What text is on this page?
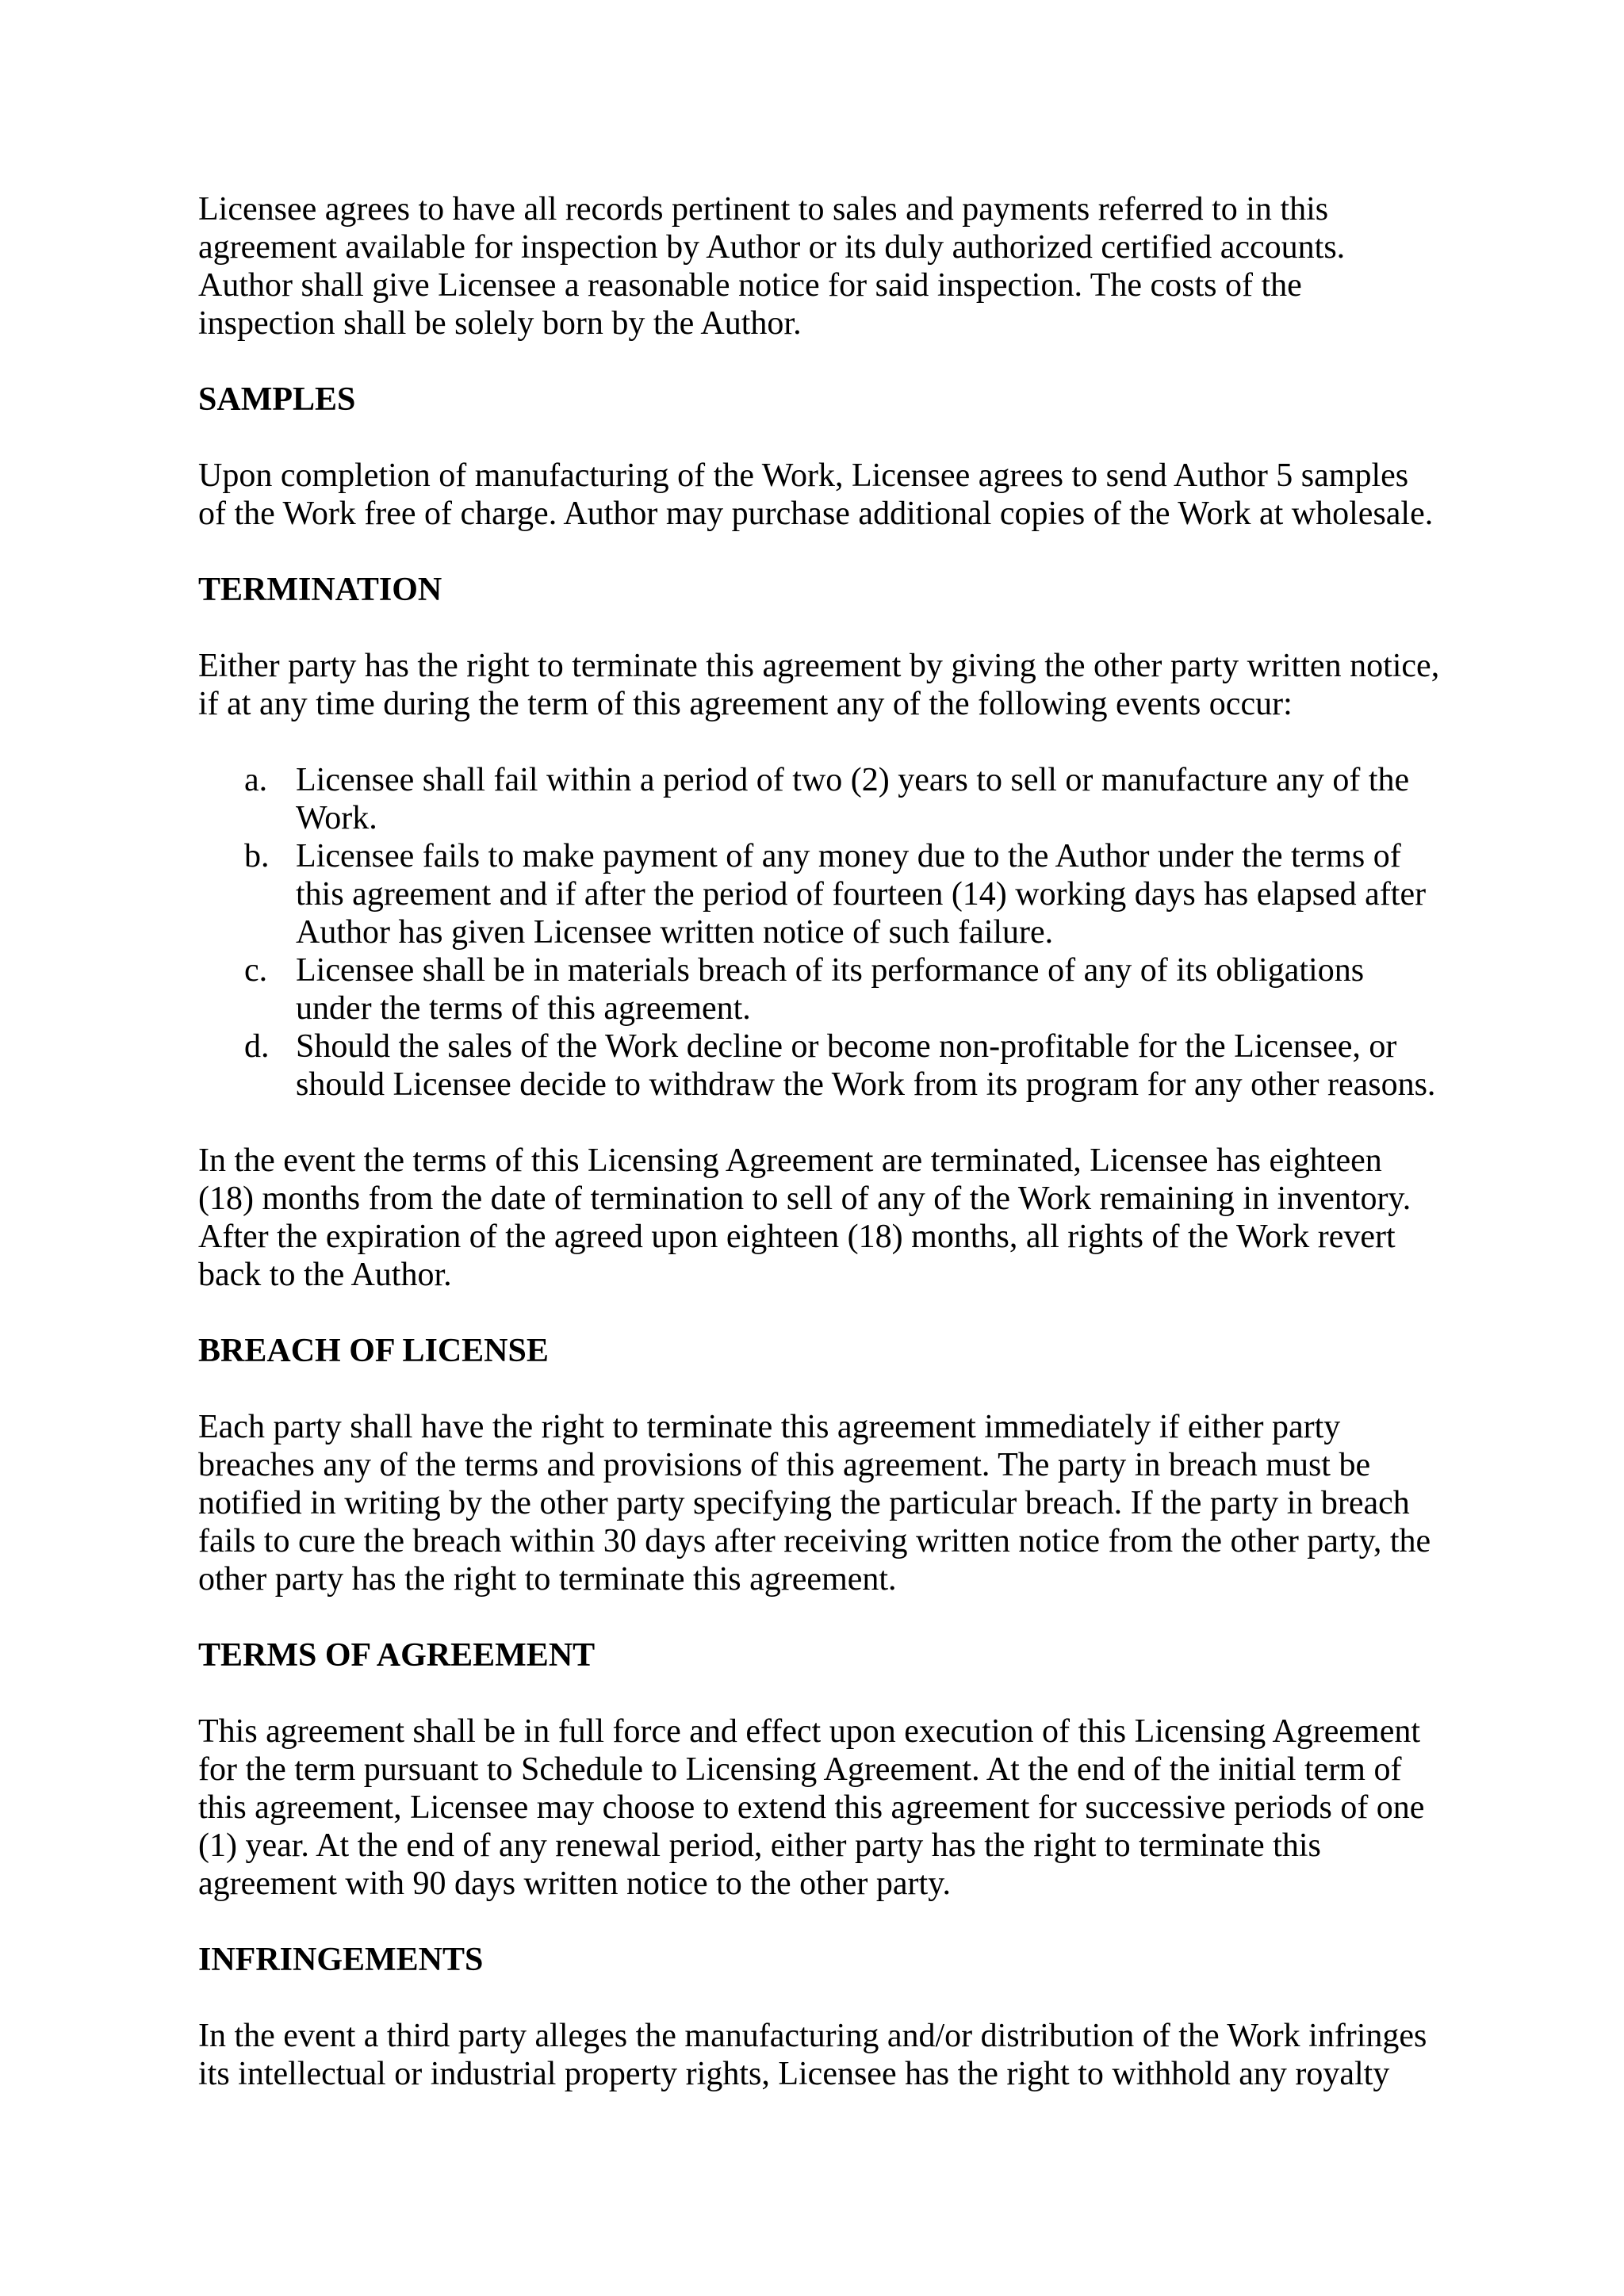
Licensee agrees to have all records pertinent to sales and payments referred to in this agreement available for inspection by Author or its duly authorized certified accounts. Author shall give Licensee a reasonable notice for said inspection. The costs of the inspection shall be solely born by the Author.

SAMPLES

Upon completion of manufacturing of the Work, Licensee agrees to send Author 5 samples of the Work free of charge. Author may purchase additional copies of the Work at wholesale.

TERMINATION

Either party has the right to terminate this agreement by giving the other party written notice, if at any time during the term of this agreement any of the following events occur:

a. Licensee shall fail within a period of two (2) years to sell or manufacture any of the Work.
b. Licensee fails to make payment of any money due to the Author under the terms of this agreement and if after the period of fourteen (14) working days has elapsed after Author has given Licensee written notice of such failure.
c. Licensee shall be in materials breach of its performance of any of its obligations under the terms of this agreement.
d. Should the sales of the Work decline or become non-profitable for the Licensee, or should Licensee decide to withdraw the Work from its program for any other reasons.

In the event the terms of this Licensing Agreement are terminated, Licensee has eighteen (18) months from the date of termination to sell of any of the Work remaining in inventory. After the expiration of the agreed upon eighteen (18) months, all rights of the Work revert back to the Author.

BREACH OF LICENSE

Each party shall have the right to terminate this agreement immediately if either party breaches any of the terms and provisions of this agreement. The party in breach must be notified in writing by the other party specifying the particular breach. If the party in breach fails to cure the breach within 30 days after receiving written notice from the other party, the other party has the right to terminate this agreement.

TERMS OF AGREEMENT

This agreement shall be in full force and effect upon execution of this Licensing Agreement for the term pursuant to Schedule to Licensing Agreement. At the end of the initial term of this agreement, Licensee may choose to extend this agreement for successive periods of one (1) year. At the end of any renewal period, either party has the right to terminate this agreement with 90 days written notice to the other party.

INFRINGEMENTS

In the event a third party alleges the manufacturing and/or distribution of the Work infringes its intellectual or industrial property rights, Licensee has the right to withhold any royalty
